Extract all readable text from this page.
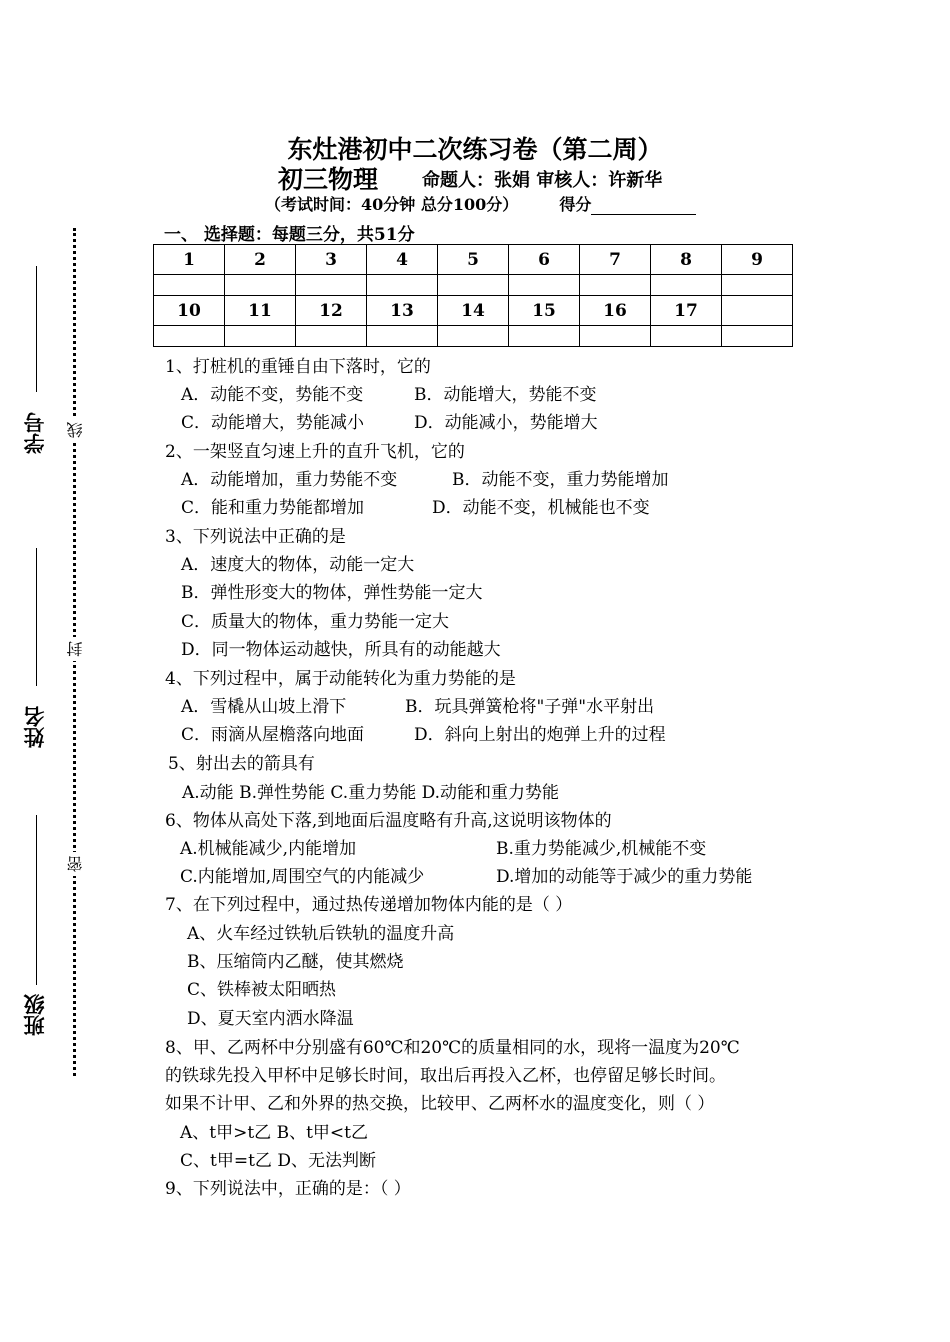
东灶港初中二次练习卷（第二周）
初三物理 命题人：张娟 审核人：许新华
（考试时间：40分钟 总分100分）	得分
一、 选择题：每题三分，共51分
1	2	3	4	5	6	7	8	9

10	11	12	13	14	15	16	17	

学号
姓名
班级
线
封
密
1、打桩机的重锤自由下落时，它的
A．动能不变，势能不变	B．动能增大，势能不变
C．动能增大，势能减小	D．动能减小，势能增大
2、一架竖直匀速上升的直升飞机，它的
A．动能增加，重力势能不变	B．动能不变，重力势能增加
C．能和重力势能都增加	D．动能不变，机械能也不变
3、下列说法中正确的是
A．速度大的物体，动能一定大
B．弹性形变大的物体，弹性势能一定大
C．质量大的物体，重力势能一定大
D．同一物体运动越快，所具有的动能越大
4、下列过程中，属于动能转化为重力势能的是
A．雪橇从山坡上滑下	B．玩具弹簧枪将"子弹"水平射出
C．雨滴从屋檐落向地面	D．斜向上射出的炮弹上升的过程
5、射出去的箭具有
A.动能 B.弹性势能 C.重力势能 D.动能和重力势能
6、物体从高处下落,到地面后温度略有升高,这说明该物体的
A.机械能减少,内能增加	B.重力势能减少,机械能不变
C.内能增加,周围空气的内能减少	D.增加的动能等于减少的重力势能
7、在下列过程中，通过热传递增加物体内能的是（ ）
A、火车经过铁轨后铁轨的温度升高
B、压缩筒内乙醚，使其燃烧
C、铁棒被太阳晒热
D、夏天室内洒水降温
8、甲、乙两杯中分别盛有60℃和20℃的质量相同的水，现将一温度为20℃
的铁球先投入甲杯中足够长时间，取出后再投入乙杯，也停留足够长时间。
如果不计甲、乙和外界的热交换，比较甲、乙两杯水的温度变化，则（ ）
A、t甲>t乙 B、t甲<t乙
C、t甲=t乙 D、无法判断
9、下列说法中，正确的是：（ ）
